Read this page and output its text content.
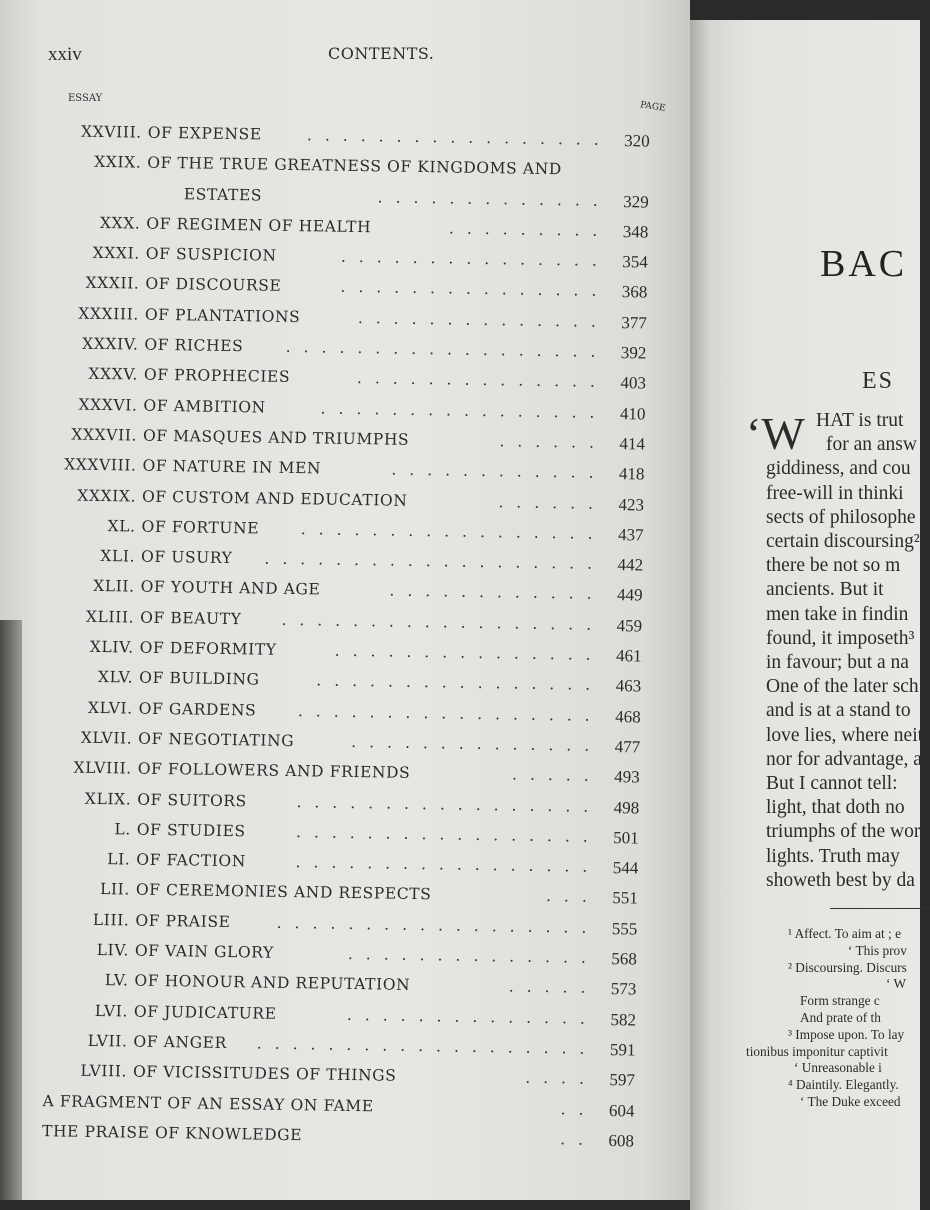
xxiv	CONTENTS.
ESSAY
PAGE
XXVIII. OF EXPENSE	................. 320
XXIX. OF THE TRUE GREATNESS OF KINGDOMS AND
ESTATES	............. 329
XXX. OF REGIMEN OF HEALTH	......... 348
XXXI. OF SUSPICION	............... 354
XXXII. OF DISCOURSE	............... 368
XXXIII. OF PLANTATIONS	.............. 377
XXXIV. OF RICHES	.................. 392
XXXV. OF PROPHECIES	.............. 403
XXXVI. OF AMBITION	................ 410
XXXVII. OF MASQUES AND TRIUMPHS	...... 414
XXXVIII. OF NATURE IN MEN	............ 418
XXXIX. OF CUSTOM AND EDUCATION	...... 423
XL. OF FORTUNE	................. 437
XLI. OF USURY ................... 442
XLII. OF YOUTH AND AGE	............ 449
XLIII. OF BEAUTY	.................. 459
XLIV. OF DEFORMITY	............... 461
XLV. OF BUILDING	................ 463
XLVI. OF GARDENS	................. 468
XLVII. OF NEGOTIATING	.............. 477
XLVIII. OF FOLLOWERS AND FRIENDS	..... 493
XLIX. OF SUITORS	................. 498
L. OF STUDIES	................. 501
LI. OF FACTION	................. 544
LII. OF CEREMONIES AND RESPECTS	... 551
LIII. OF PRAISE	.................. 555
LIV. OF VAIN GLORY	.............. 568
LV. OF HONOUR AND REPUTATION	..... 573
LVI. OF JUDICATURE	.............. 582
LVII. OF ANGER ................... 591
LVIII. OF VICISSITUDES OF THINGS	.... 597
A FRAGMENT OF AN ESSAY ON FAME	.. 604
THE PRAISE OF KNOWLEDGE	.. 608
BAC
ES
‘W HAT is trut
for an answ
giddiness, and cou
free-will in thinki
sects of philosophe
certain discoursing²
there be not so m
ancients. But it
men take in findin
found, it imposeth³
in favour; but a na
One of the later sch
and is at a stand to
love lies, where neit
nor for advantage, as
But I cannot tell:
light, that doth no
triumphs of the wor
lights. Truth may
showeth best by da
¹ Affect. To aim at ; e
‘ This prov
² Discoursing. Discurs
‘ W
Form strange c
And prate of th
³ Impose upon. To lay
tionibus imponitur captivit
‘ Unreasonable i
⁴ Daintily. Elegantly.
‘ The Duke exceed
